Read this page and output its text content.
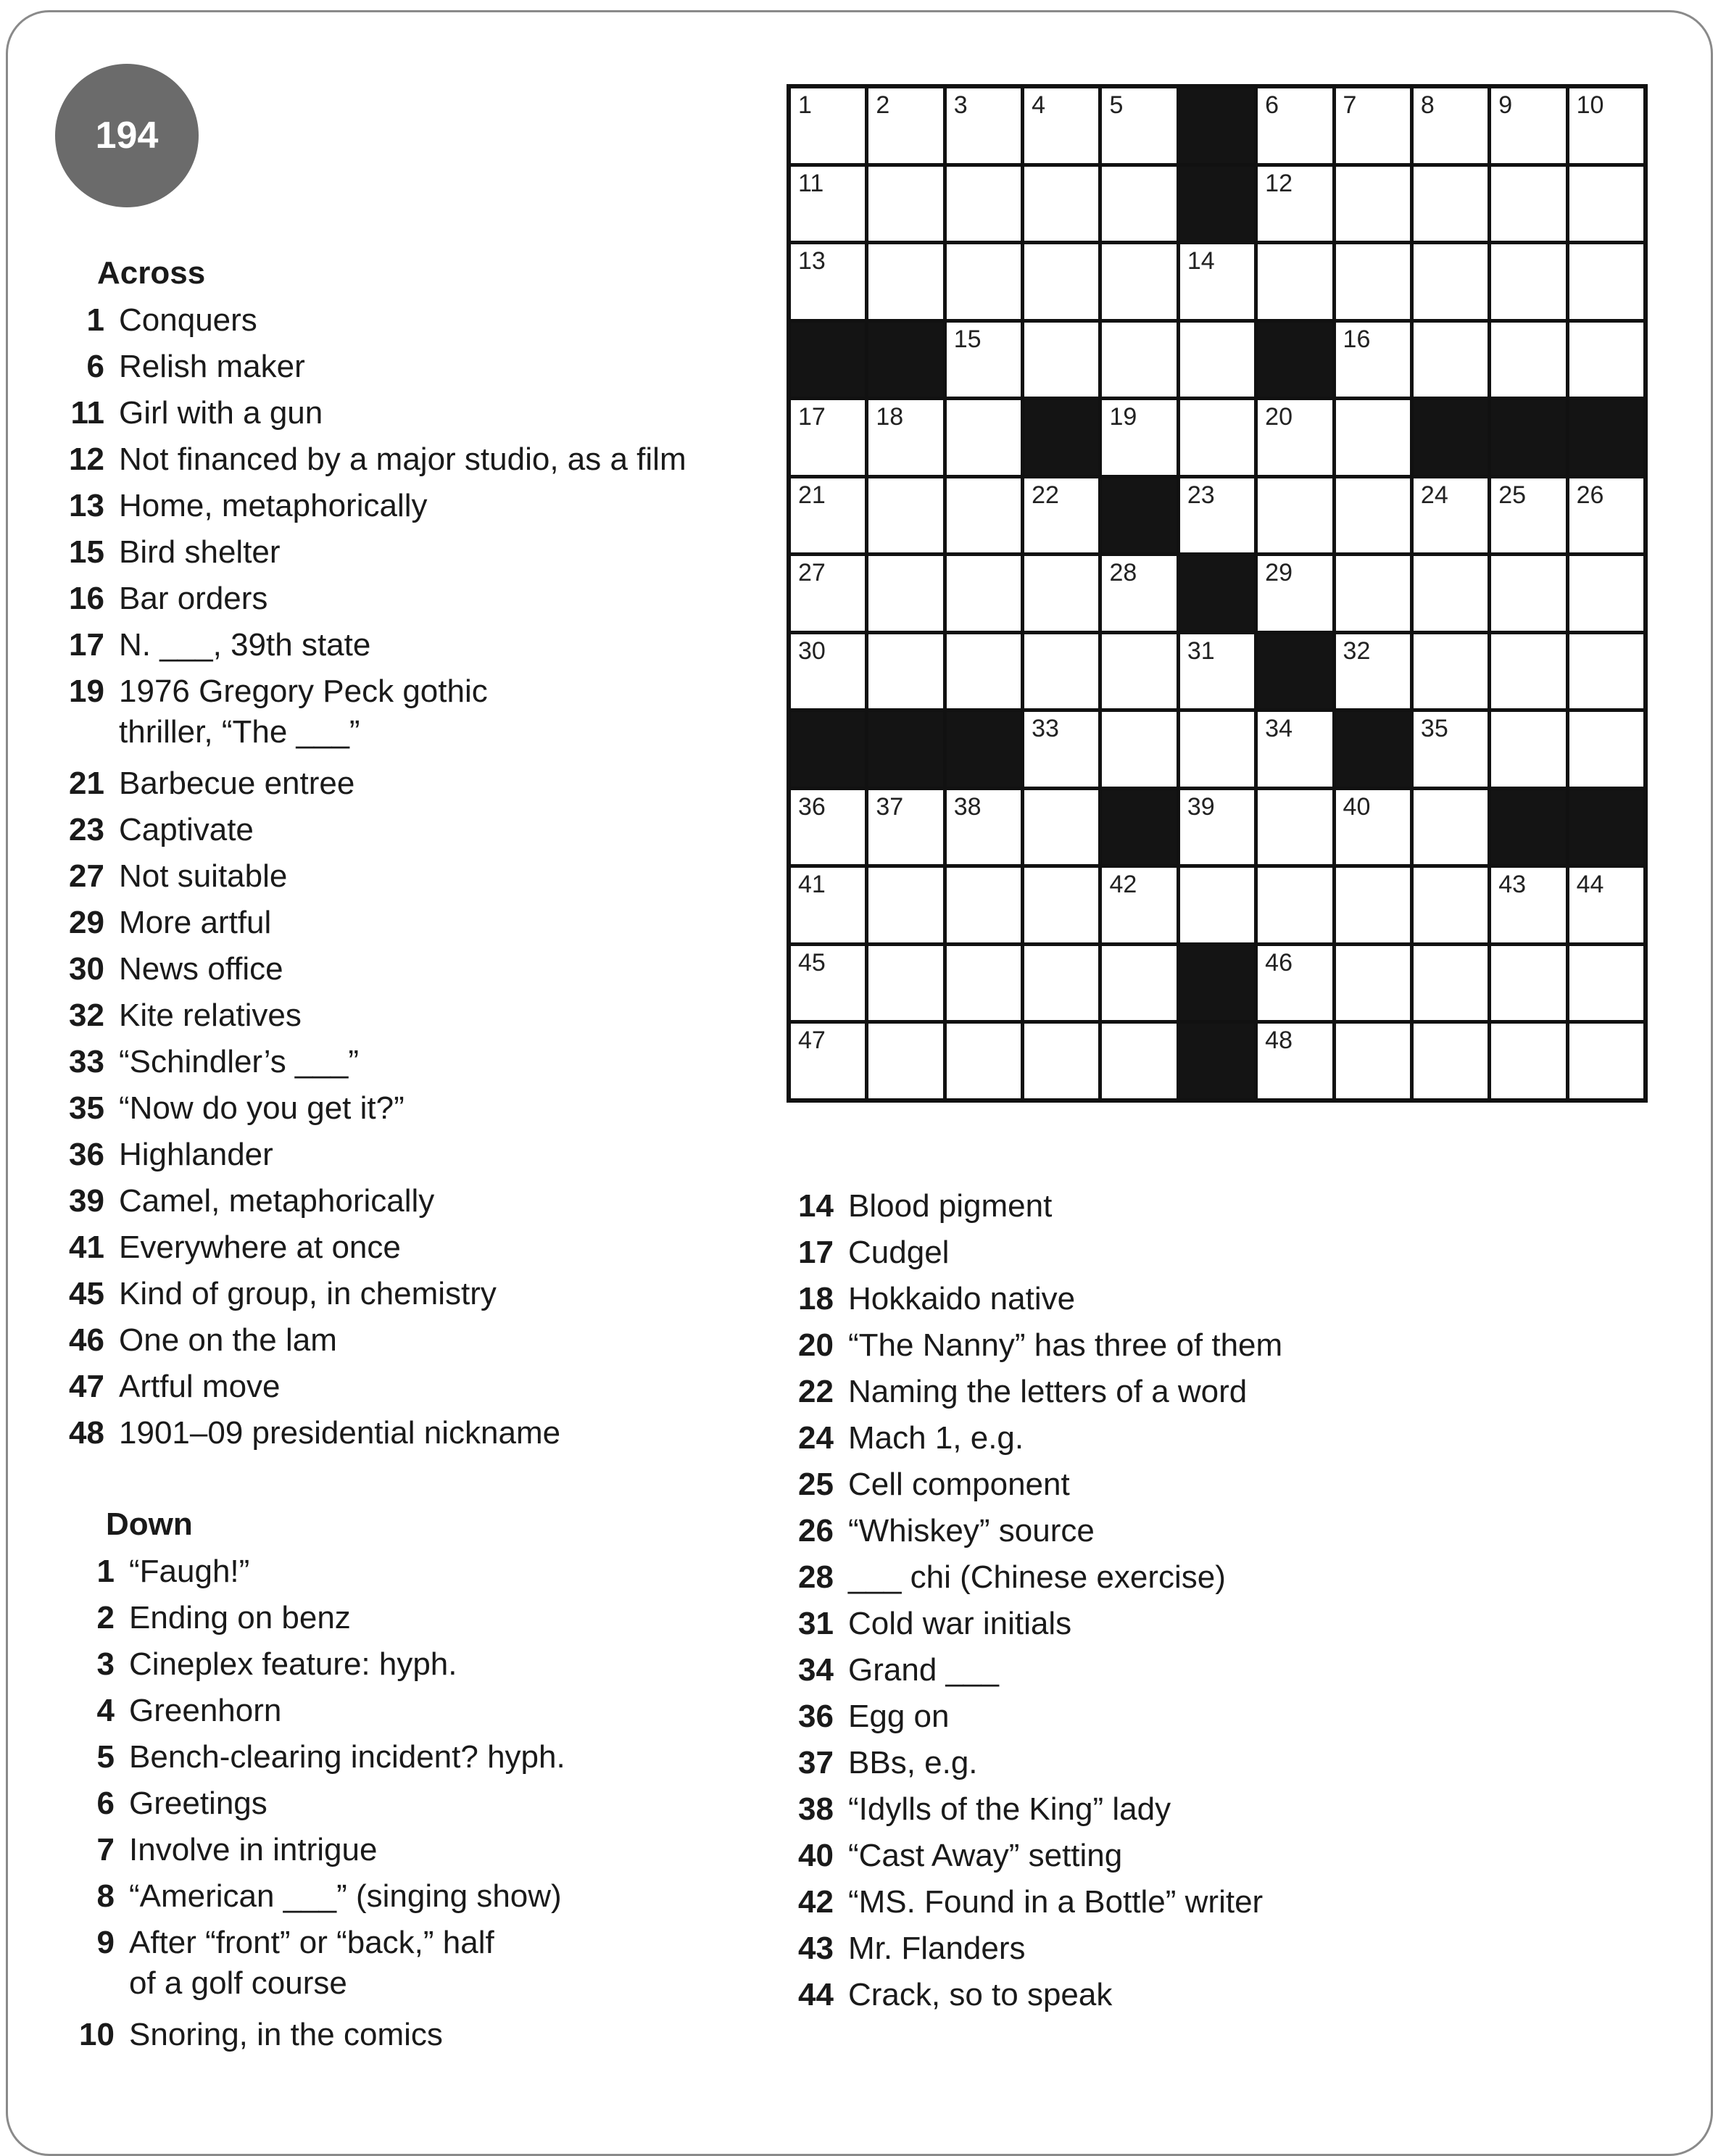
194
Across
1 Conquers
6 Relish maker
11 Girl with a gun
12 Not financed by a major studio, as a film
13 Home, metaphorically
15 Bird shelter
16 Bar orders
17 N. ___, 39th state
19 1976 Gregory Peck gothic
thriller, “The ___”
21 Barbecue entree
23 Captivate
27 Not suitable
29 More artful
30 News office
32 Kite relatives
33 “Schindler’s ___”
35 “Now do you get it?”
36 Highlander
39 Camel, metaphorically
41 Everywhere at once
45 Kind of group, in chemistry
46 One on the lam
47 Artful move
48 1901–09 presidential nickname
Down
1 “Faugh!”
2 Ending on benz
3 Cineplex feature: hyph.
4 Greenhorn
5 Bench-clearing incident? hyph.
6 Greetings
7 Involve in intrigue
8 “American ___” (singing show)
9 After “front” or “back,” half
of a golf course
10 Snoring, in the comics
14 Blood pigment
17 Cudgel
18 Hokkaido native
20 “The Nanny” has three of them
22 Naming the letters of a word
24 Mach 1, e.g.
25 Cell component
26 “Whiskey” source
28 ___ chi (Chinese exercise)
31 Cold war initials
34 Grand ___
36 Egg on
37 BBs, e.g.
38 “Idylls of the King” lady
40 “Cast Away” setting
42 “MS. Found in a Bottle” writer
43 Mr. Flanders
44 Crack, so to speak
1	2	3	4	5	6	7	8	9	10
11	12
13	14
15	16
17 18	19	20
21	22	23	24 25 26
27	28	29
30	31	32
33	34	35
36 37 38	39	40
41	42	43 44
45	46
47	48
